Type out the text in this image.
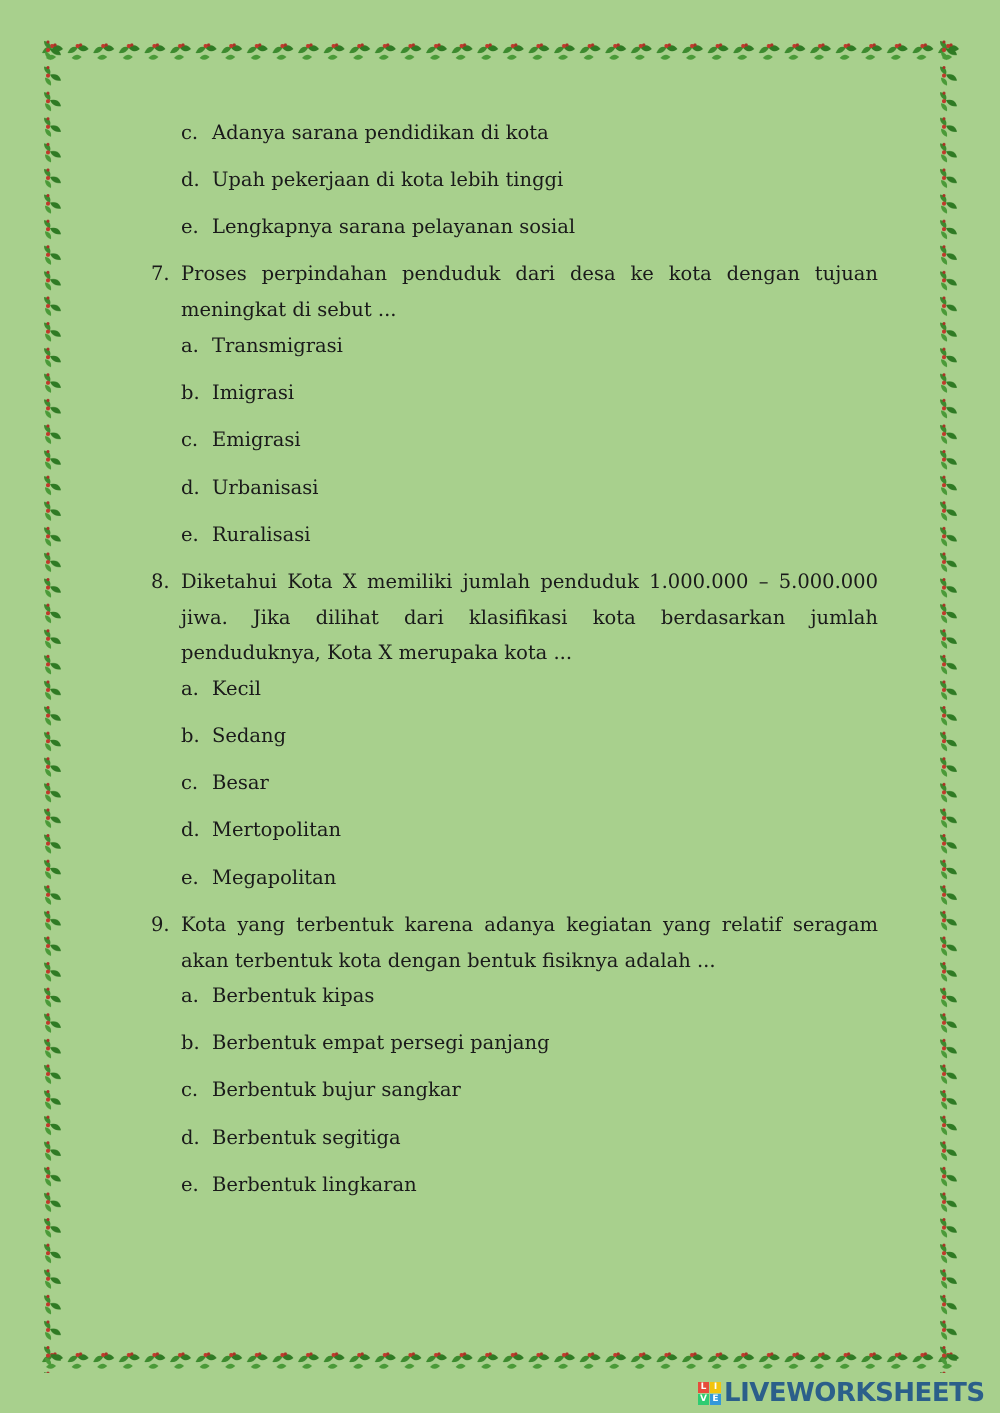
c. Adanya sarana pendidikan di kota
d. Upah pekerjaan di kota lebih tinggi
e. Lengkapnya sarana pelayanan sosial
7. Proses perpindahan penduduk dari desa ke kota dengan tujuan meningkat di sebut ...
a. Transmigrasi
b. Imigrasi
c. Emigrasi
d. Urbanisasi
e. Ruralisasi
8. Diketahui Kota X memiliki jumlah penduduk 1.000.000 – 5.000.000 jiwa. Jika dilihat dari klasifikasi kota berdasarkan jumlah penduduknya, Kota X merupaka kota ...
a. Kecil
b. Sedang
c. Besar
d. Mertopolitan
e. Megapolitan
9. Kota yang terbentuk karena adanya kegiatan yang relatif seragam akan terbentuk kota dengan bentuk fisiknya adalah ...
a. Berbentuk kipas
b. Berbentuk empat persegi panjang
c. Berbentuk bujur sangkar
d. Berbentuk segitiga
e. Berbentuk lingkaran
L I
V E LIVEWORKSHEETS
